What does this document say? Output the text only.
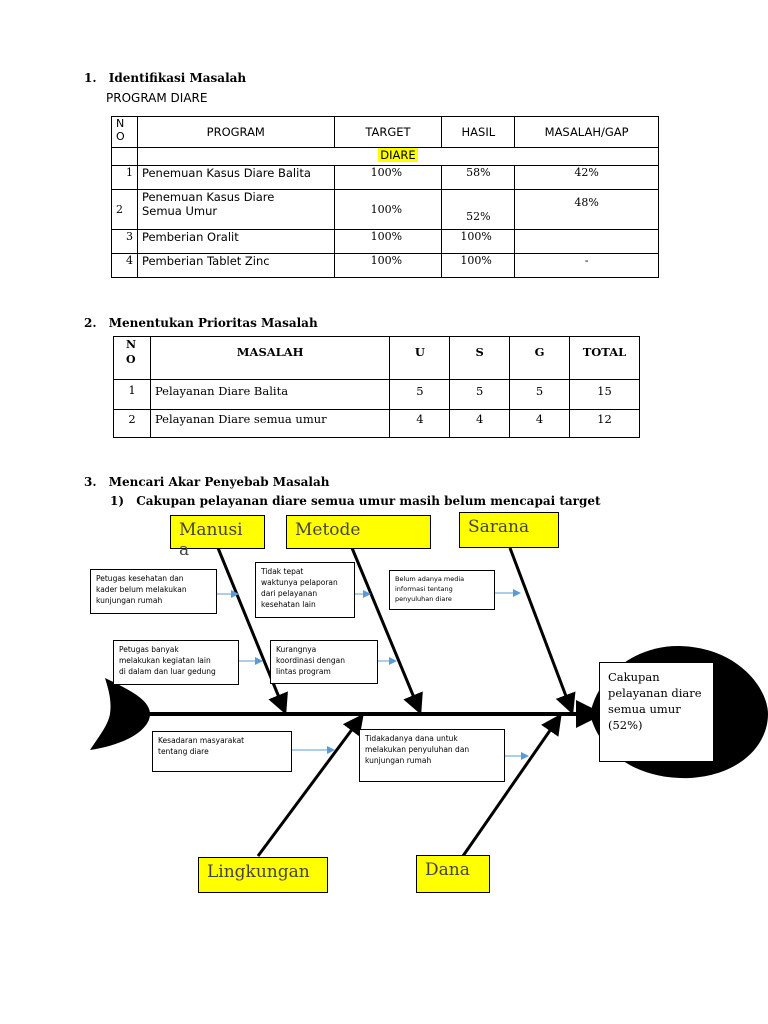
1. Identifikasi Masalah
PROGRAM DIARE
N
O	PROGRAM	TARGET	HASIL	MASALAH/GAP
	DIARE			
1	Penemuan Kasus Diare Balita	100%	58%	42%
2	Penemuan Kasus Diare
Semua Umur	100%	52%	48%
3	Pemberian Oralit	100%	100%	
4	Pemberian Tablet Zinc	100%	100%	-
2. Menentukan Prioritas Masalah
N
O	MASALAH	U	S	G	TOTAL
1	Pelayanan Diare Balita	5	5	5	15
2	Pelayanan Diare semua umur	4	4	4	12
3. Mencari Akar Penyebab Masalah
1) Cakupan pelayanan diare semua umur masih belum mencapai target
Manusi
a
Metode	Sarana
Lingkungan	Dana
Petugas kesehatan dan
kader belum melakukan
kunjungan rumah
Tidak tepat
waktunya pelaporan
dari pelayanan
kesehatan lain
Belum adanya media
informasi tentang
penyuluhan diare
Petugas banyak
melakukan kegiatan lain
di dalam dan luar gedung
Kurangnya
koordinasi dengan
lintas program
Kesadaran masyarakat
tentang diare
Tidakadanya dana untuk
melakukan penyuluhan dan
kunjungan rumah
Cakupan
pelayanan diare
semua umur
(52%)
